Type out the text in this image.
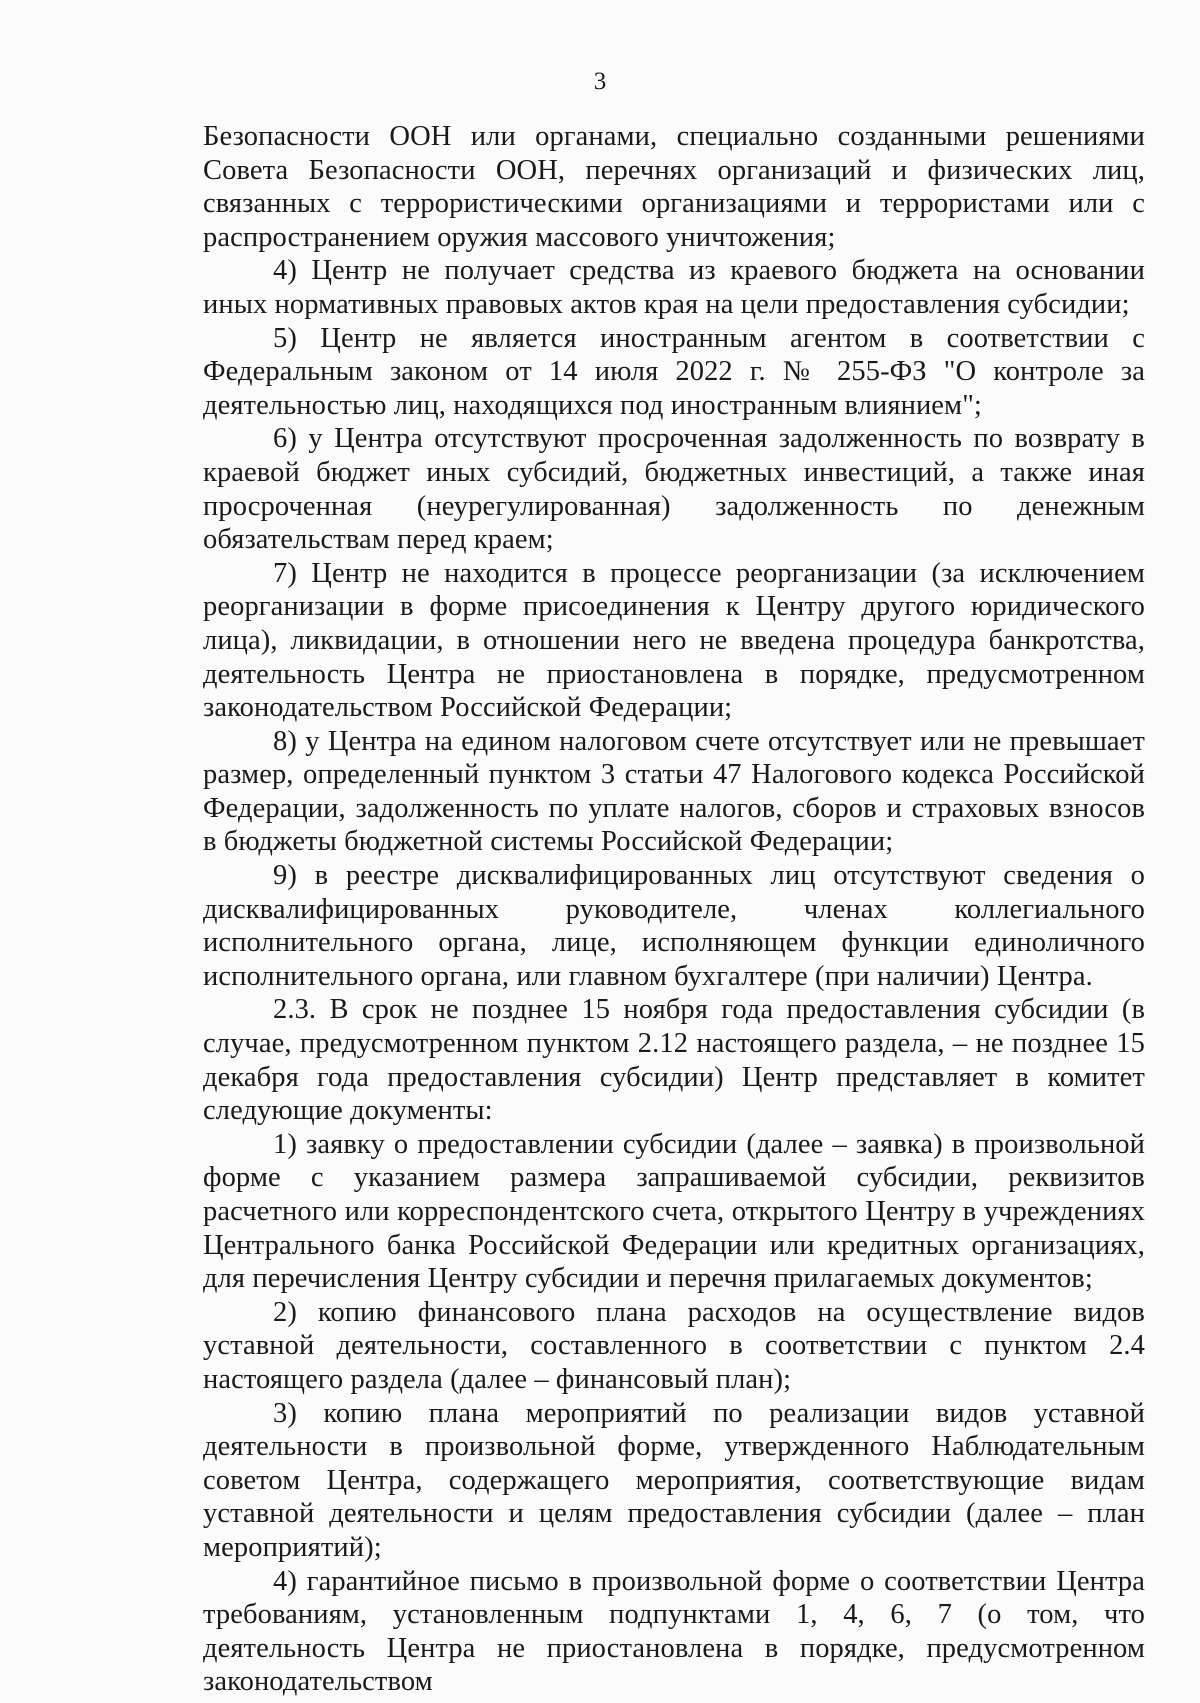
3

Безопасности ООН или органами, специально созданными решениями Совета Безопасности ООН, перечнях организаций и физических лиц, связанных с террористическими организациями и террористами или с распространением оружия массового уничтожения;

4) Центр не получает средства из краевого бюджета на основании иных нормативных правовых актов края на цели предоставления субсидии;

5) Центр не является иностранным агентом в соответствии с Федеральным законом от 14 июля 2022 г. № 255-ФЗ "О контроле за деятельностью лиц, находящихся под иностранным влиянием";

6) у Центра отсутствуют просроченная задолженность по возврату в краевой бюджет иных субсидий, бюджетных инвестиций, а также иная просроченная (неурегулированная) задолженность по денежным обязательствам перед краем;

7) Центр не находится в процессе реорганизации (за исключением реорганизации в форме присоединения к Центру другого юридического лица), ликвидации, в отношении него не введена процедура банкротства, деятельность Центра не приостановлена в порядке, предусмотренном законодательством Российской Федерации;

8) у Центра на едином налоговом счете отсутствует или не превышает размер, определенный пунктом 3 статьи 47 Налогового кодекса Российской Федерации, задолженность по уплате налогов, сборов и страховых взносов в бюджеты бюджетной системы Российской Федерации;

9) в реестре дисквалифицированных лиц отсутствуют сведения о дисквалифицированных руководителе, членах коллегиального исполнительного органа, лице, исполняющем функции единоличного исполнительного органа, или главном бухгалтере (при наличии) Центра.

2.3. В срок не позднее 15 ноября года предоставления субсидии (в случае, предусмотренном пунктом 2.12 настоящего раздела, – не позднее 15 декабря года предоставления субсидии) Центр представляет в комитет следующие документы:

1) заявку о предоставлении субсидии (далее – заявка) в произвольной форме с указанием размера запрашиваемой субсидии, реквизитов расчетного или корреспондентского счета, открытого Центру в учреждениях Центрального банка Российской Федерации или кредитных организациях, для перечисления Центру субсидии и перечня прилагаемых документов;

2) копию финансового плана расходов на осуществление видов уставной деятельности, составленного в соответствии с пунктом 2.4 настоящего раздела (далее – финансовый план);

3) копию плана мероприятий по реализации видов уставной деятельности в произвольной форме, утвержденного Наблюдательным советом Центра, содержащего мероприятия, соответствующие видам уставной деятельности и целям предоставления субсидии (далее – план мероприятий);

4) гарантийное письмо в произвольной форме о соответствии Центра требованиям, установленным подпунктами 1, 4, 6, 7 (о том, что деятельность Центра не приостановлена в порядке, предусмотренном законодательством
